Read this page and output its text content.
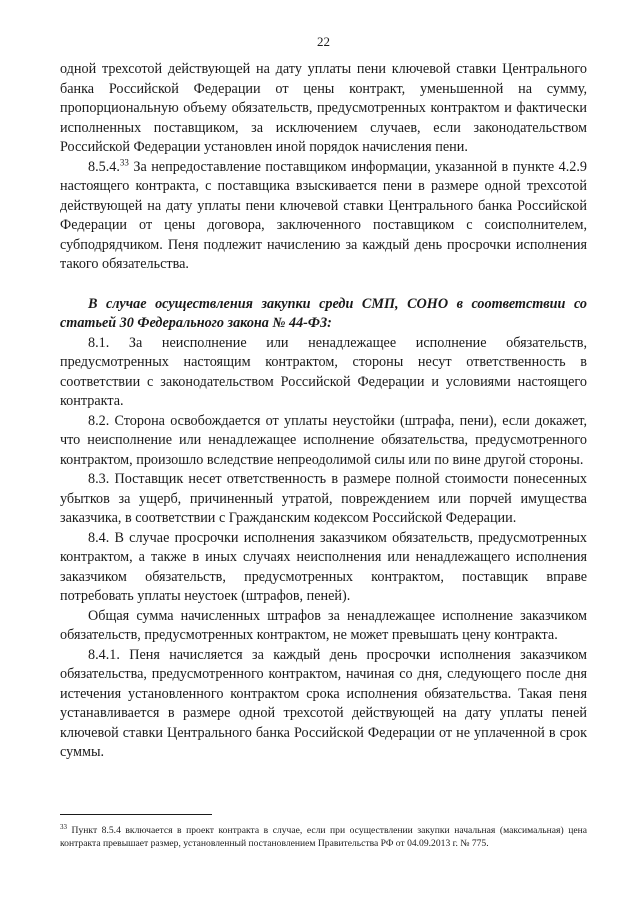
22

одной трехсотой действующей на дату уплаты пени ключевой ставки Центрального банка Российской Федерации от цены контракт, уменьшенной на сумму, пропорциональную объему обязательств, предусмотренных контрактом и фактически исполненных поставщиком, за исключением случаев, если законодательством Российской Федерации установлен иной порядок начисления пени.

8.5.4.33 За непредоставление поставщиком информации, указанной в пункте 4.2.9 настоящего контракта, с поставщика взыскивается пени в размере одной трехсотой действующей на дату уплаты пени ключевой ставки Центрального банка Российской Федерации от цены договора, заключенного поставщиком с соисполнителем, субподрядчиком. Пеня подлежит начислению за каждый день просрочки исполнения такого обязательства.

В случае осуществления закупки среди СМП, СОНО в соответствии со статьей 30 Федерального закона № 44-ФЗ:

8.1. За неисполнение или ненадлежащее исполнение обязательств, предусмотренных настоящим контрактом, стороны несут ответственность в соответствии с законодательством Российской Федерации и условиями настоящего контракта.

8.2. Сторона освобождается от уплаты неустойки (штрафа, пени), если докажет, что неисполнение или ненадлежащее исполнение обязательства, предусмотренного контрактом, произошло вследствие непреодолимой силы или по вине другой стороны.

8.3. Поставщик несет ответственность в размере полной стоимости понесенных убытков за ущерб, причиненный утратой, повреждением или порчей имущества заказчика, в соответствии с Гражданским кодексом Российской Федерации.

8.4. В случае просрочки исполнения заказчиком обязательств, предусмотренных контрактом, а также в иных случаях неисполнения или ненадлежащего исполнения заказчиком обязательств, предусмотренных контрактом, поставщик вправе потребовать уплаты неустоек (штрафов, пеней).

Общая сумма начисленных штрафов за ненадлежащее исполнение заказчиком обязательств, предусмотренных контрактом, не может превышать цену контракта.

8.4.1. Пеня начисляется за каждый день просрочки исполнения заказчиком обязательства, предусмотренного контрактом, начиная со дня, следующего после дня истечения установленного контрактом срока исполнения обязательства. Такая пеня устанавливается в размере одной трехсотой действующей на дату уплаты пеней ключевой ставки Центрального банка Российской Федерации от не уплаченной в срок суммы.

$^{33}$ Пункт 8.5.4 включается в проект контракта в случае, если при осуществлении закупки начальная (максимальная) цена контракта превышает размер, установленный постановлением Правительства РФ от 04.09.2013 г. № 775.
